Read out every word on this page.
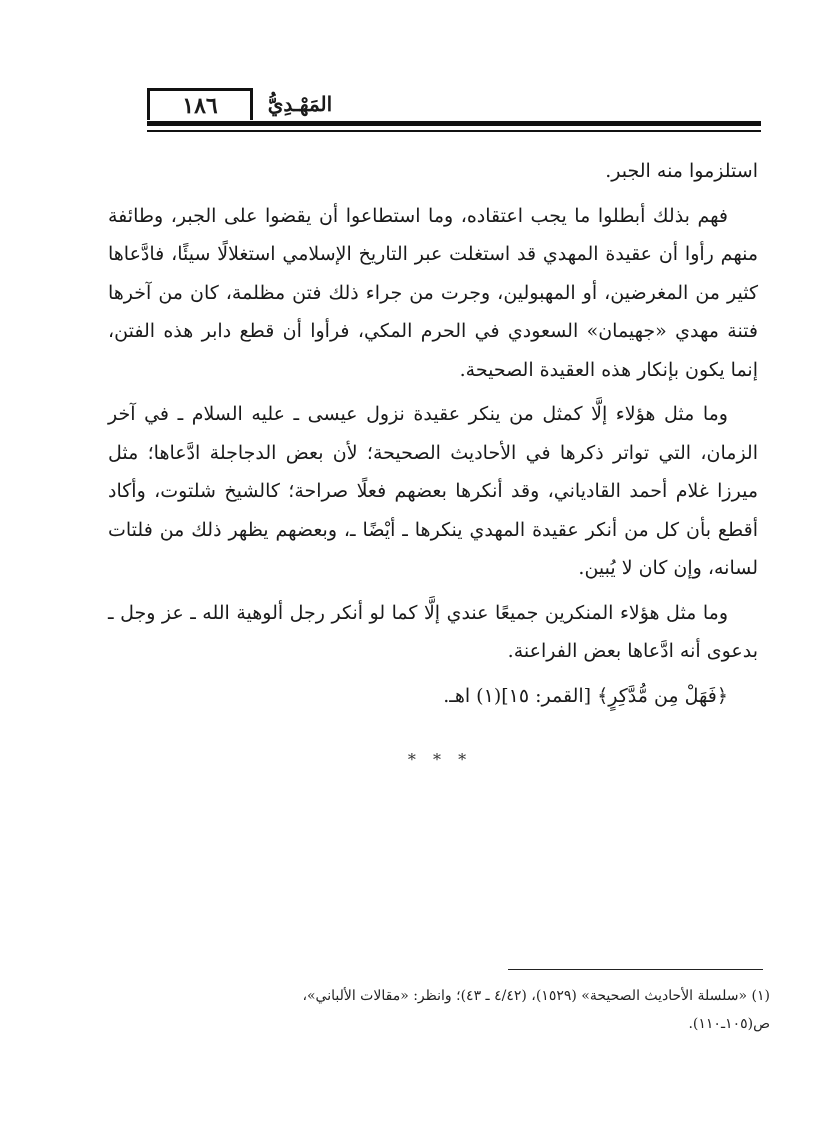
١٨٦	المَهْـدِيُّ

استلزموا منه الجبر.

فهم بذلك أبطلوا ما يجب اعتقاده، وما استطاعوا أن يقضوا على الجبر، وطائفة منهم رأوا أن عقيدة المهدي قد استغلت عبر التاريخ الإسلامي استغلالًا سيئًا، فادَّعاها كثير من المغرضين، أو المهبولين، وجرت من جراء ذلك فتن مظلمة، كان من آخرها فتنة مهدي «جهيمان» السعودي في الحرم المكي، فرأوا أن قطع دابر هذه الفتن، إنما يكون بإنكار هذه العقيدة الصحيحة.

وما مثل هؤلاء إلَّا كمثل من ينكر عقيدة نزول عيسى ـ عليه السلام ـ في آخر الزمان، التي تواتر ذكرها في الأحاديث الصحيحة؛ لأن بعض الدجاجلة ادَّعاها؛ مثل ميرزا غلام أحمد القادياني، وقد أنكرها بعضهم فعلًا صراحة؛ كالشيخ شلتوت، وأكاد أقطع بأن كل من أنكر عقيدة المهدي ينكرها ـ أيْضًا ـ، وبعضهم يظهر ذلك من فلتات لسانه، وإن كان لا يُبين.

وما مثل هؤلاء المنكرين جميعًا عندي إلَّا كما لو أنكر رجل ألوهية الله ـ عز وجل ـ بدعوى أنه ادَّعاها بعض الفراعنة.

﴿فَهَلْ مِن مُّدَّكِرٍ﴾ [القمر: ١٥](١) اهـ.

* * *

(١) «سلسلة الأحاديث الصحيحة» (١٥٢٩)، (٤/٤٢ ـ ٤٣)؛ وانظر: «مقالات الألباني»،

ص(١٠٥ـ١١٠).
